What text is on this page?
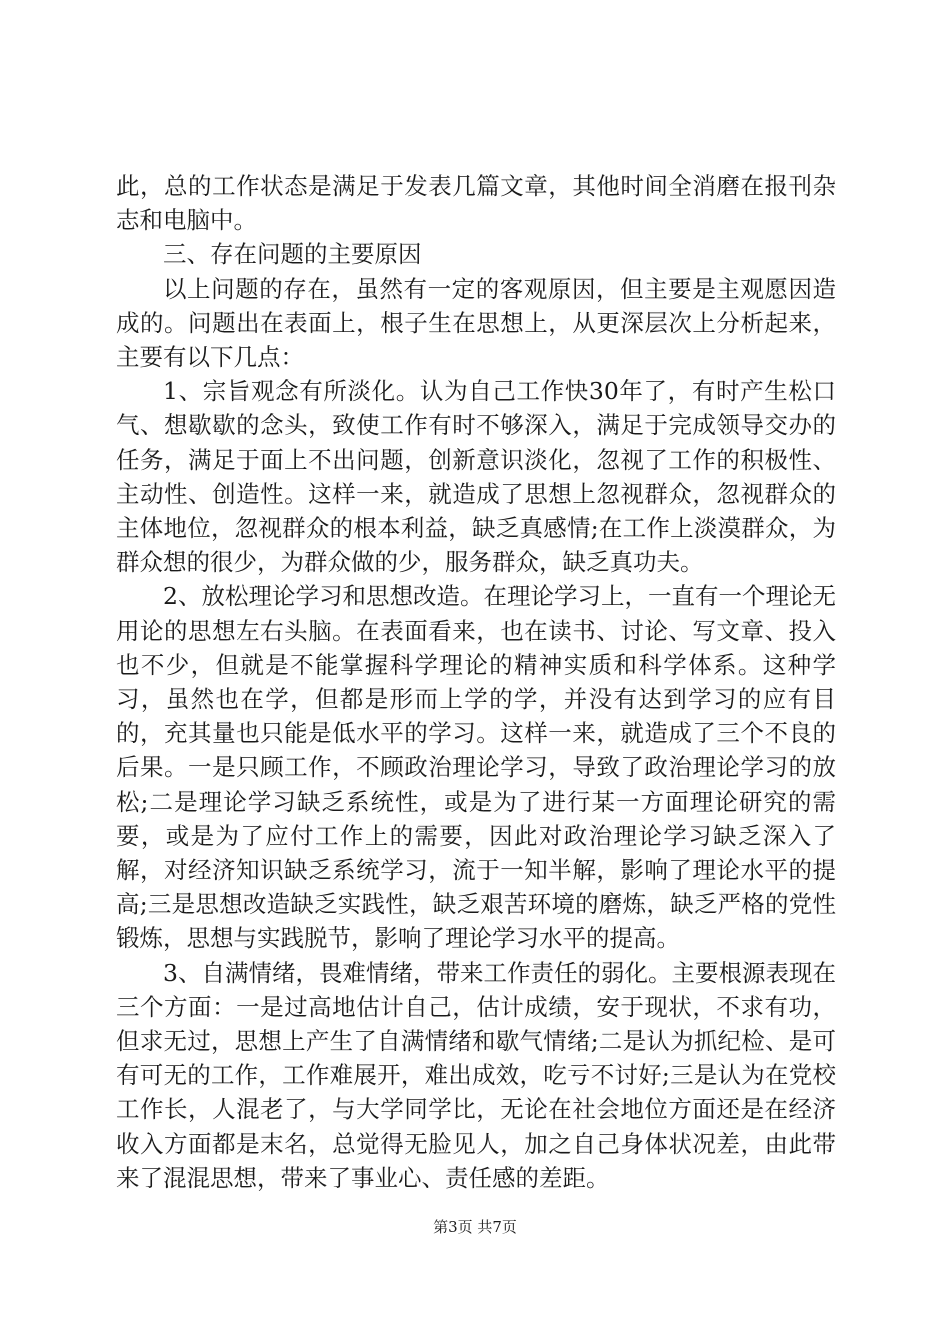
此，总的工作状态是满足于发表几篇文章，其他时间全消磨在报刊杂志和电脑中。

三、存在问题的主要原因

以上问题的存在，虽然有一定的客观原因，但主要是主观愿因造成的。问题出在表面上，根子生在思想上，从更深层次上分析起来，主要有以下几点：

1、宗旨观念有所淡化。认为自己工作快30年了，有时产生松口气、想歇歇的念头，致使工作有时不够深入，满足于完成领导交办的任务，满足于面上不出问题，创新意识淡化，忽视了工作的积极性、主动性、创造性。这样一来，就造成了思想上忽视群众，忽视群众的主体地位，忽视群众的根本利益，缺乏真感情;在工作上淡漠群众，为群众想的很少，为群众做的少，服务群众，缺乏真功夫。

2、放松理论学习和思想改造。在理论学习上，一直有一个理论无用论的思想左右头脑。在表面看来，也在读书、讨论、写文章、投入也不少，但就是不能掌握科学理论的精神实质和科学体系。这种学习，虽然也在学，但都是形而上学的学，并没有达到学习的应有目的，充其量也只能是低水平的学习。这样一来，就造成了三个不良的后果。一是只顾工作，不顾政治理论学习，导致了政治理论学习的放松;二是理论学习缺乏系统性，或是为了进行某一方面理论研究的需要，或是为了应付工作上的需要，因此对政治理论学习缺乏深入了解，对经济知识缺乏系统学习，流于一知半解，影响了理论水平的提高;三是思想改造缺乏实践性，缺乏艰苦环境的磨炼，缺乏严格的党性锻炼，思想与实践脱节，影响了理论学习水平的提高。

3、自满情绪，畏难情绪，带来工作责任的弱化。主要根源表现在三个方面：一是过高地估计自己，估计成绩，安于现状，不求有功，但求无过，思想上产生了自满情绪和歇气情绪;二是认为抓纪检、是可有可无的工作，工作难展开，难出成效，吃亏不讨好;三是认为在党校工作长，人混老了，与大学同学比，无论在社会地位方面还是在经济收入方面都是末名，总觉得无脸见人，加之自己身体状况差，由此带来了混混思想，带来了事业心、责任感的差距。

第3页 共7页
